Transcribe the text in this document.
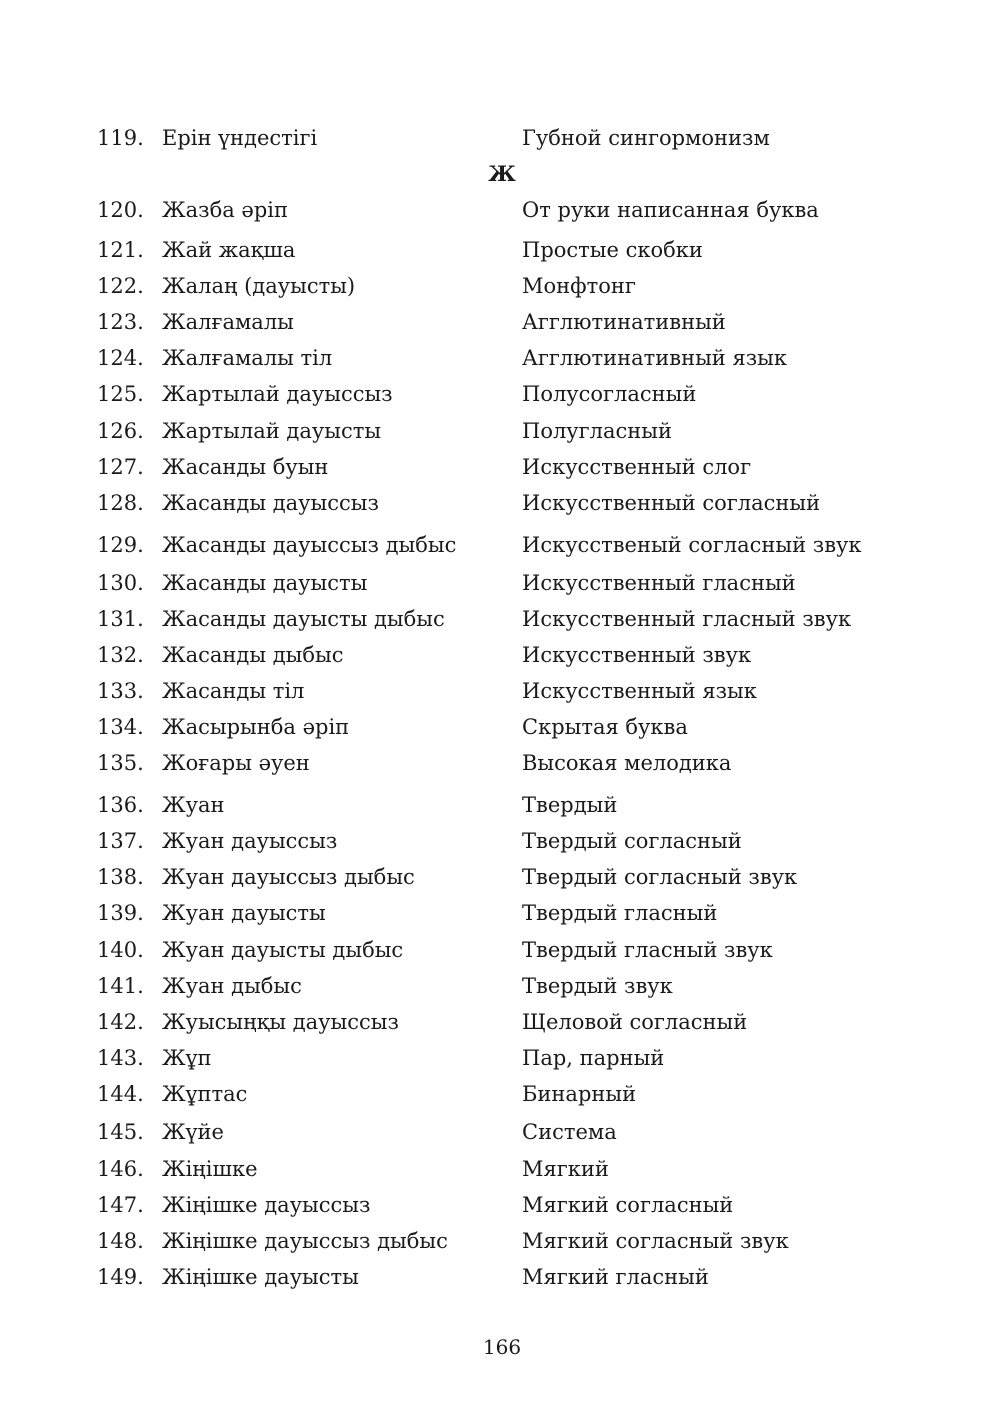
119. Ерін үндестігі	Губной сингормонизм
Ж
120. Жазба әріп	От руки написанная буква
121. Жай жақша	Простые скобки
122. Жалаң (дауысты)	Монфтонг
123. Жалғамалы	Агглютинативный
124. Жалғамалы тіл	Агглютинативный язык
125. Жартылай дауыссыз	Полусогласный
126. Жартылай дауысты	Полугласный
127. Жасанды буын	Искусственный слог
128. Жасанды дауыссыз	Искусственный согласный
129. Жасанды дауыссыз дыбыс	Искусственый согласный звук
130. Жасанды дауысты	Искусственный гласный
131. Жасанды дауысты дыбыс	Искусственный гласный звук
132. Жасанды дыбыс	Искусственный звук
133. Жасанды тіл	Искусственный язык
134. Жасырынба әріп	Скрытая буква
135. Жоғары әуен	Высокая мелодика
136. Жуан	Твердый
137. Жуан дауыссыз	Твердый согласный
138. Жуан дауыссыз дыбыс	Твердый согласный звук
139. Жуан дауысты	Твердый гласный
140. Жуан дауысты дыбыс	Твердый гласный звук
141. Жуан дыбыс	Твердый звук
142. Жуысыңқы дауыссыз	Щеловой согласный
143. Жұп	Пар, парный
144. Жұптас	Бинарный
145. Жүйе	Система
146. Жіңішке	Мягкий
147. Жіңішке дауыссыз	Мягкий согласный
148. Жіңішке дауыссыз дыбыс	Мягкий согласный звук
149. Жіңішке дауысты	Мягкий гласный
166
